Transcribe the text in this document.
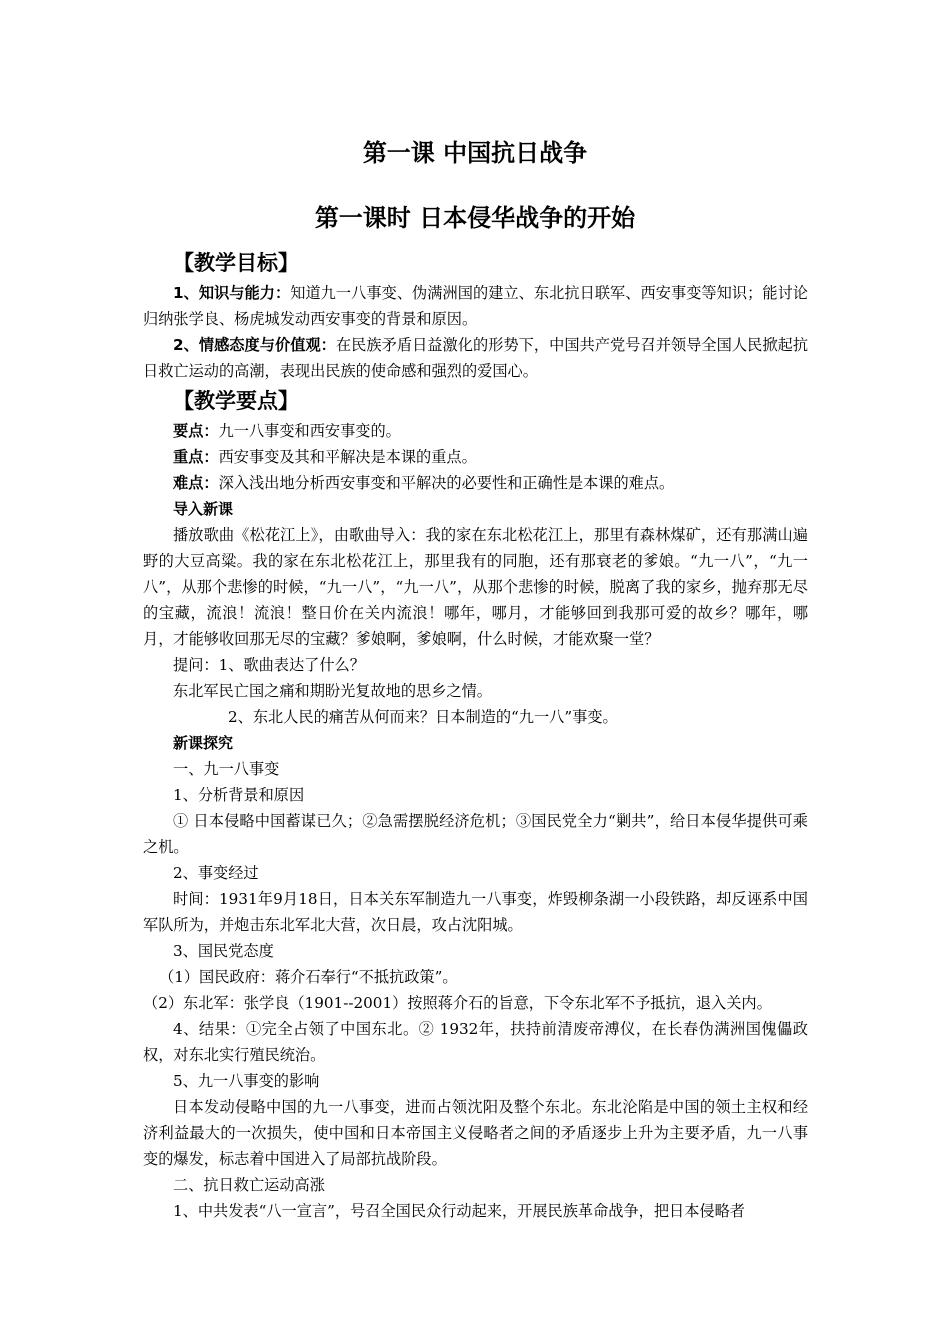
第一课 中国抗日战争
第一课时 日本侵华战争的开始
【教学目标】

1、知识与能力：知道九一八事变、伪满洲国的建立、东北抗日联军、西安事变等知识；能讨论归纳张学良、杨虎城发动西安事变的背景和原因。

2、情感态度与价值观：在民族矛盾日益激化的形势下，中国共产党号召并领导全国人民掀起抗日救亡运动的高潮，表现出民族的使命感和强烈的爱国心。

【教学要点】

要点：九一八事变和西安事变的。

重点：西安事变及其和平解决是本课的重点。

难点：深入浅出地分析西安事变和平解决的必要性和正确性是本课的难点。

导入新课

播放歌曲《松花江上》，由歌曲导入：我的家在东北松花江上，那里有森林煤矿，还有那满山遍野的大豆高粱。我的家在东北松花江上，那里我有的同胞，还有那衰老的爹娘。“九一八”，“九一八”，从那个悲惨的时候，“九一八”，“九一八”，从那个悲惨的时候，脱离了我的家乡，抛弃那无尽的宝藏，流浪！流浪！整日价在关内流浪！哪年，哪月，才能够回到我那可爱的故乡？哪年，哪月，才能够收回那无尽的宝藏？爹娘啊，爹娘啊，什么时候，才能欢聚一堂？

提问：1、歌曲表达了什么？

东北军民亡国之痛和期盼光复故地的思乡之情。

2、东北人民的痛苦从何而来？日本制造的“九一八”事变。

新课探究

一、九一八事变

1、分析背景和原因

① 日本侵略中国蓄谋已久；②急需摆脱经济危机；③国民党全力“剿共”，给日本侵华提供可乘之机。

2、事变经过

时间：1931年9月18日，日本关东军制造九一八事变，炸毁柳条湖一小段铁路，却反诬系中国军队所为，并炮击东北军北大营，次日晨，攻占沈阳城。

3、国民党态度

（1）国民政府：蒋介石奉行“不抵抗政策”。

（2）东北军：张学良（1901--2001）按照蒋介石的旨意，下令东北军不予抵抗，退入关内。

4、结果：①完全占领了中国东北。② 1932年，扶持前清废帝溥仪，在长春伪满洲国傀儡政权，对东北实行殖民统治。

5、九一八事变的影响

日本发动侵略中国的九一八事变，进而占领沈阳及整个东北。东北沦陷是中国的领土主权和经济利益最大的一次损失，使中国和日本帝国主义侵略者之间的矛盾逐步上升为主要矛盾，九一八事变的爆发，标志着中国进入了局部抗战阶段。

二、抗日救亡运动高涨

1、中共发表“八一宣言”，号召全国民众行动起来，开展民族革命战争，把日本侵略者
